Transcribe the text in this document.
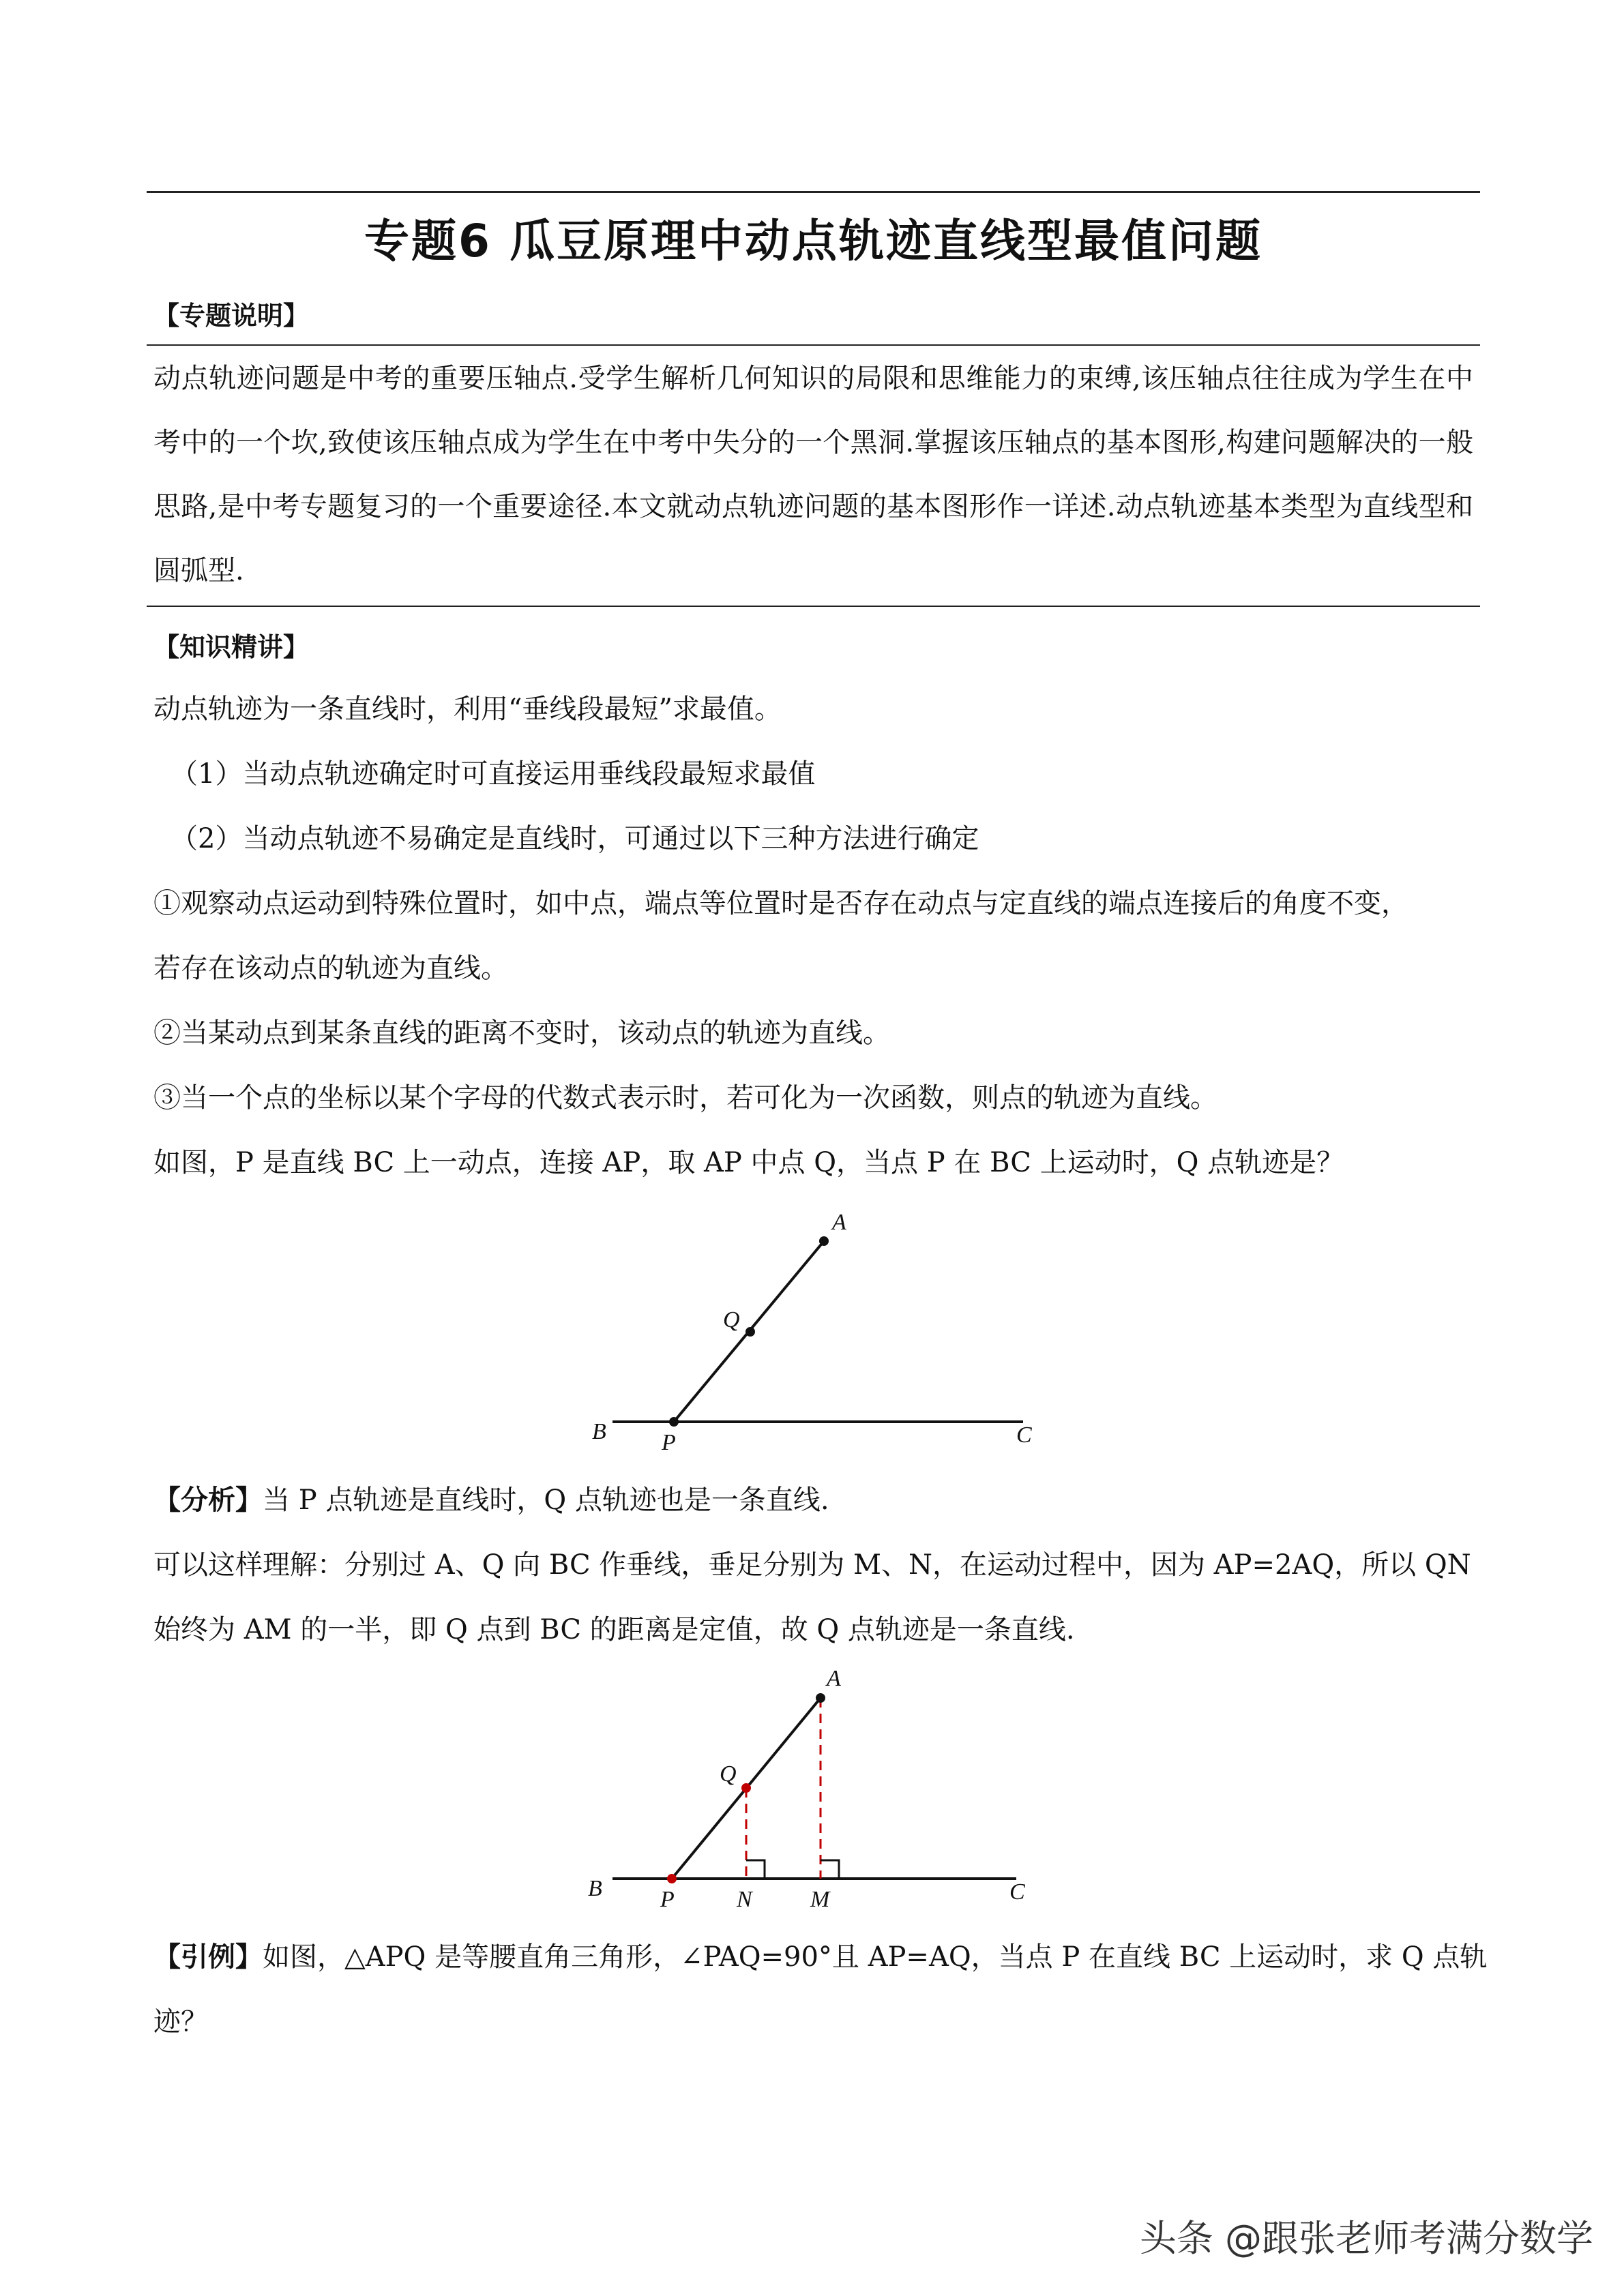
专题6 瓜豆原理中动点轨迹直线型最值问题
【专题说明】
动点轨迹问题是中考的重要压轴点.受学生解析几何知识的局限和思维能力的束缚,该压轴点往往成为学生在中考中的一个坎,致使该压轴点成为学生在中考中失分的一个黑洞.掌握该压轴点的基本图形,构建问题解决的一般思路,是中考专题复习的一个重要途径.本文就动点轨迹问题的基本图形作一详述.动点轨迹基本类型为直线型和圆弧型.
【知识精讲】
动点轨迹为一条直线时，利用“垂线段最短”求最值。
（1）当动点轨迹确定时可直接运用垂线段最短求最值
（2）当动点轨迹不易确定是直线时，可通过以下三种方法进行确定
①观察动点运动到特殊位置时，如中点，端点等位置时是否存在动点与定直线的端点连接后的角度不变，
若存在该动点的轨迹为直线。
②当某动点到某条直线的距离不变时，该动点的轨迹为直线。
③当一个点的坐标以某个字母的代数式表示时，若可化为一次函数，则点的轨迹为直线。
如图，P 是直线 BC 上一动点，连接 AP，取 AP 中点 Q，当点 P 在 BC 上运动时，Q 点轨迹是？
A
Q
B P	C
【分析】当 P 点轨迹是直线时，Q 点轨迹也是一条直线.
可以这样理解：分别过 A、Q 向 BC 作垂线，垂足分别为 M、N，在运动过程中，因为 AP=2AQ，所以 QN
始终为 AM 的一半，即 Q 点到 BC 的距离是定值，故 Q 点轨迹是一条直线.
A
Q
B	P	N	M	C
【引例】如图，△APQ 是等腰直角三角形，∠PAQ=90°且 AP=AQ，当点 P 在直线 BC 上运动时，求 Q 点轨
迹？
头条 @跟张老师考满分数学
